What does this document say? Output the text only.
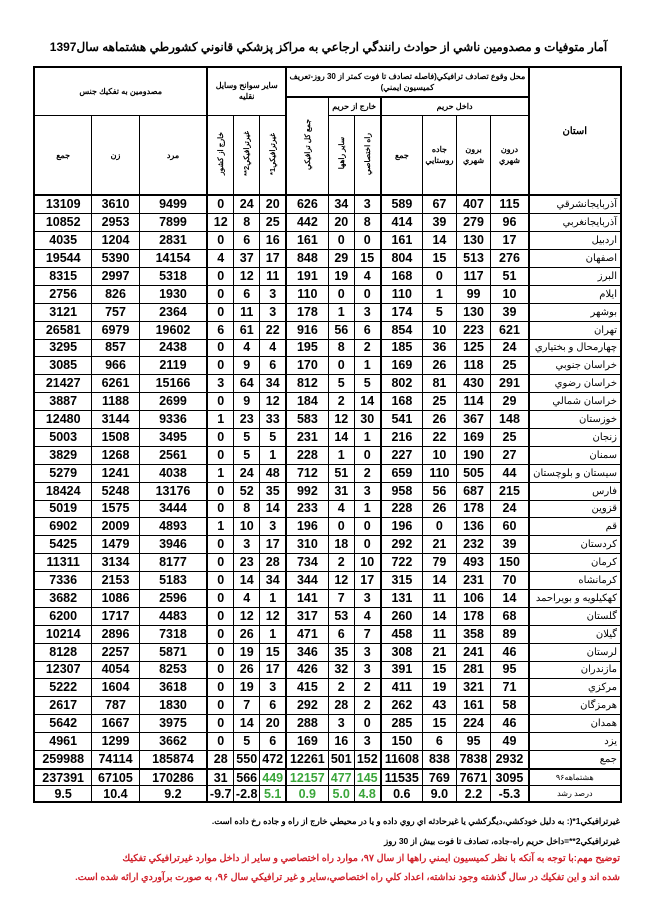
آمار متوفيات و مصدومين ناشي از حوادث رانندگي ارجاعي به مراكز پزشكي قانوني كشورطي هشتماهه سال1397
استان	محل وقوع تصادف ترافيكي(فاصله تصادف تا فوت كمتر از 30 روز-تعريف كميسيون ايمني)							ساير سوانح وسايل نقليه			مصدومين به تفكيك جنس		
	داخل حريم				خارج از حريم		جمع كل ترافيكي						
	درون شهري	برون شهري	جاده روستايي	جمع	راه اختصاصي	ساير راهها		غيرترافيكي1*	غيرترافيكي2**	خارج از كشور	مرد	زن	جمع
آذربايجانشرقي	115	407	67	589	3	34	626	20	24	0	9499	3610	13109
آذربايجانغربي	96	279	39	414	8	20	442	25	8	12	7899	2953	10852
اردبيل	17	130	14	161	0	0	161	16	6	0	2831	1204	4035
اصفهان	276	513	15	804	15	29	848	17	37	4	14154	5390	19544
البرز	51	117	0	168	4	19	191	11	12	0	5318	2997	8315
ايلام	10	99	1	110	0	0	110	3	6	0	1930	826	2756
بوشهر	39	130	5	174	3	1	178	3	11	0	2364	757	3121
تهران	621	223	10	854	6	56	916	22	61	6	19602	6979	26581
چهارمحال و بختياري	24	125	36	185	2	8	195	4	4	0	2438	857	3295
خراسان جنوبي	25	118	26	169	1	0	170	6	9	0	2119	966	3085
خراسان رضوي	291	430	81	802	5	5	812	34	64	3	15166	6261	21427
خراسان شمالي	29	114	25	168	14	2	184	12	9	0	2699	1188	3887
خوزستان	148	367	26	541	30	12	583	33	23	1	9336	3144	12480
زنجان	25	169	22	216	1	14	231	5	5	0	3495	1508	5003
سمنان	27	190	10	227	0	1	228	1	5	0	2561	1268	3829
سيستان و بلوچستان	44	505	110	659	2	51	712	48	24	1	4038	1241	5279
فارس	215	687	56	958	3	31	992	35	52	0	13176	5248	18424
قزوين	24	178	26	228	1	4	233	14	8	0	3444	1575	5019
قم	60	136	0	196	0	0	196	3	10	1	4893	2009	6902
كردستان	39	232	21	292	0	18	310	17	3	0	3946	1479	5425
كرمان	150	493	79	722	10	2	734	28	23	0	8177	3134	11311
كرمانشاه	70	231	14	315	17	12	344	34	14	0	5183	2153	7336
كهكيلويه و بويراحمد	14	106	11	131	3	7	141	1	4	0	2596	1086	3682
گلستان	68	178	14	260	4	53	317	12	12	0	4483	1717	6200
گيلان	89	358	11	458	7	6	471	1	26	0	7318	2896	10214
لرستان	46	241	21	308	3	35	346	15	19	0	5871	2257	8128
مازندران	95	281	15	391	3	32	426	17	26	0	8253	4054	12307
مركزي	71	321	19	411	2	2	415	3	19	0	3618	1604	5222
هرمزگان	58	161	43	262	2	28	292	6	7	0	1830	787	2617
همدان	46	224	15	285	0	3	288	20	14	0	3975	1667	5642
يزد	49	95	6	150	3	16	169	6	5	0	3662	1299	4961
جمع	2932	7838	838	11608	152	501	12261	472	550	28	185874	74114	259988
هشتماهه۹۶	3095	7671	769	11535	145	477	12157	449	566	31	170286	67105	237391
درصد رشد	5.3-	2.2	9.0	0.6	4.8	5.0	0.9	5.1	2.8-	9.7-	9.2	10.4	9.5
غيرترافيكي1*(: به دليل خودكشي،ديگركشي يا غيرحادثه اي روي داده و يا در محيطي خارج از راه و جاده رخ داده است.
غيرترافيكي2**=داخل حريم راه-جاده، تصادف تا فوت بيش از 30 روز
توضيح مهم:با توجه به آنكه با نظر كميسيون ايمني راهها از سال ۹۷، موارد راه اختصاصي و ساير از داخل موارد غيرترافيكي تفكيك
شده اند و اين تفكيك در سال گذشته وجود نداشته، اعداد كلي راه اختصاصي،ساير و غير ترافيكي سال ۹۶، به صورت برآوردي ارائه شده است.
